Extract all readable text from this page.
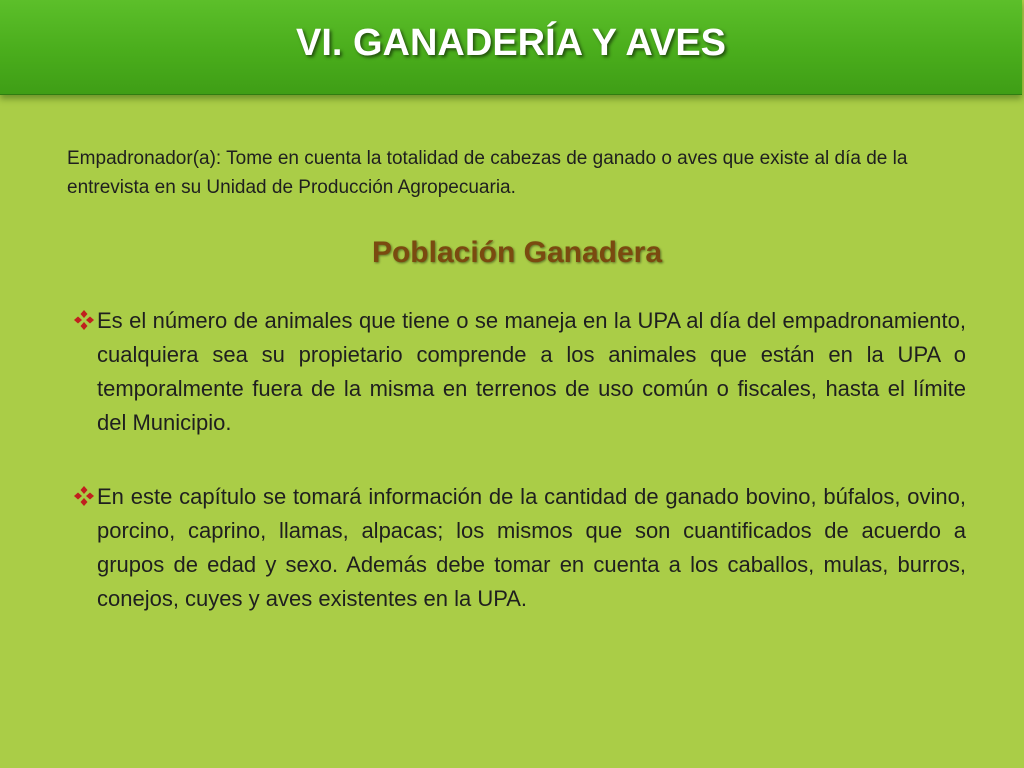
VI. GANADERÍA Y AVES

Empadronador(a): Tome en cuenta la totalidad de cabezas de ganado o aves que existe al día de la entrevista en su Unidad de Producción Agropecuaria.

Población Ganadera
Es el número de animales que tiene o se maneja en la UPA al día del empadronamiento, cualquiera sea su propietario comprende a los animales que están en la UPA o temporalmente fuera de la misma en terrenos de uso común o fiscales, hasta el límite del Municipio.
En este capítulo se tomará información de la cantidad de ganado bovino, búfalos, ovino, porcino, caprino, llamas, alpacas; los mismos que son cuantificados de acuerdo a grupos de edad y sexo. Además debe tomar en cuenta a los caballos, mulas, burros, conejos, cuyes y aves existentes en la UPA.
